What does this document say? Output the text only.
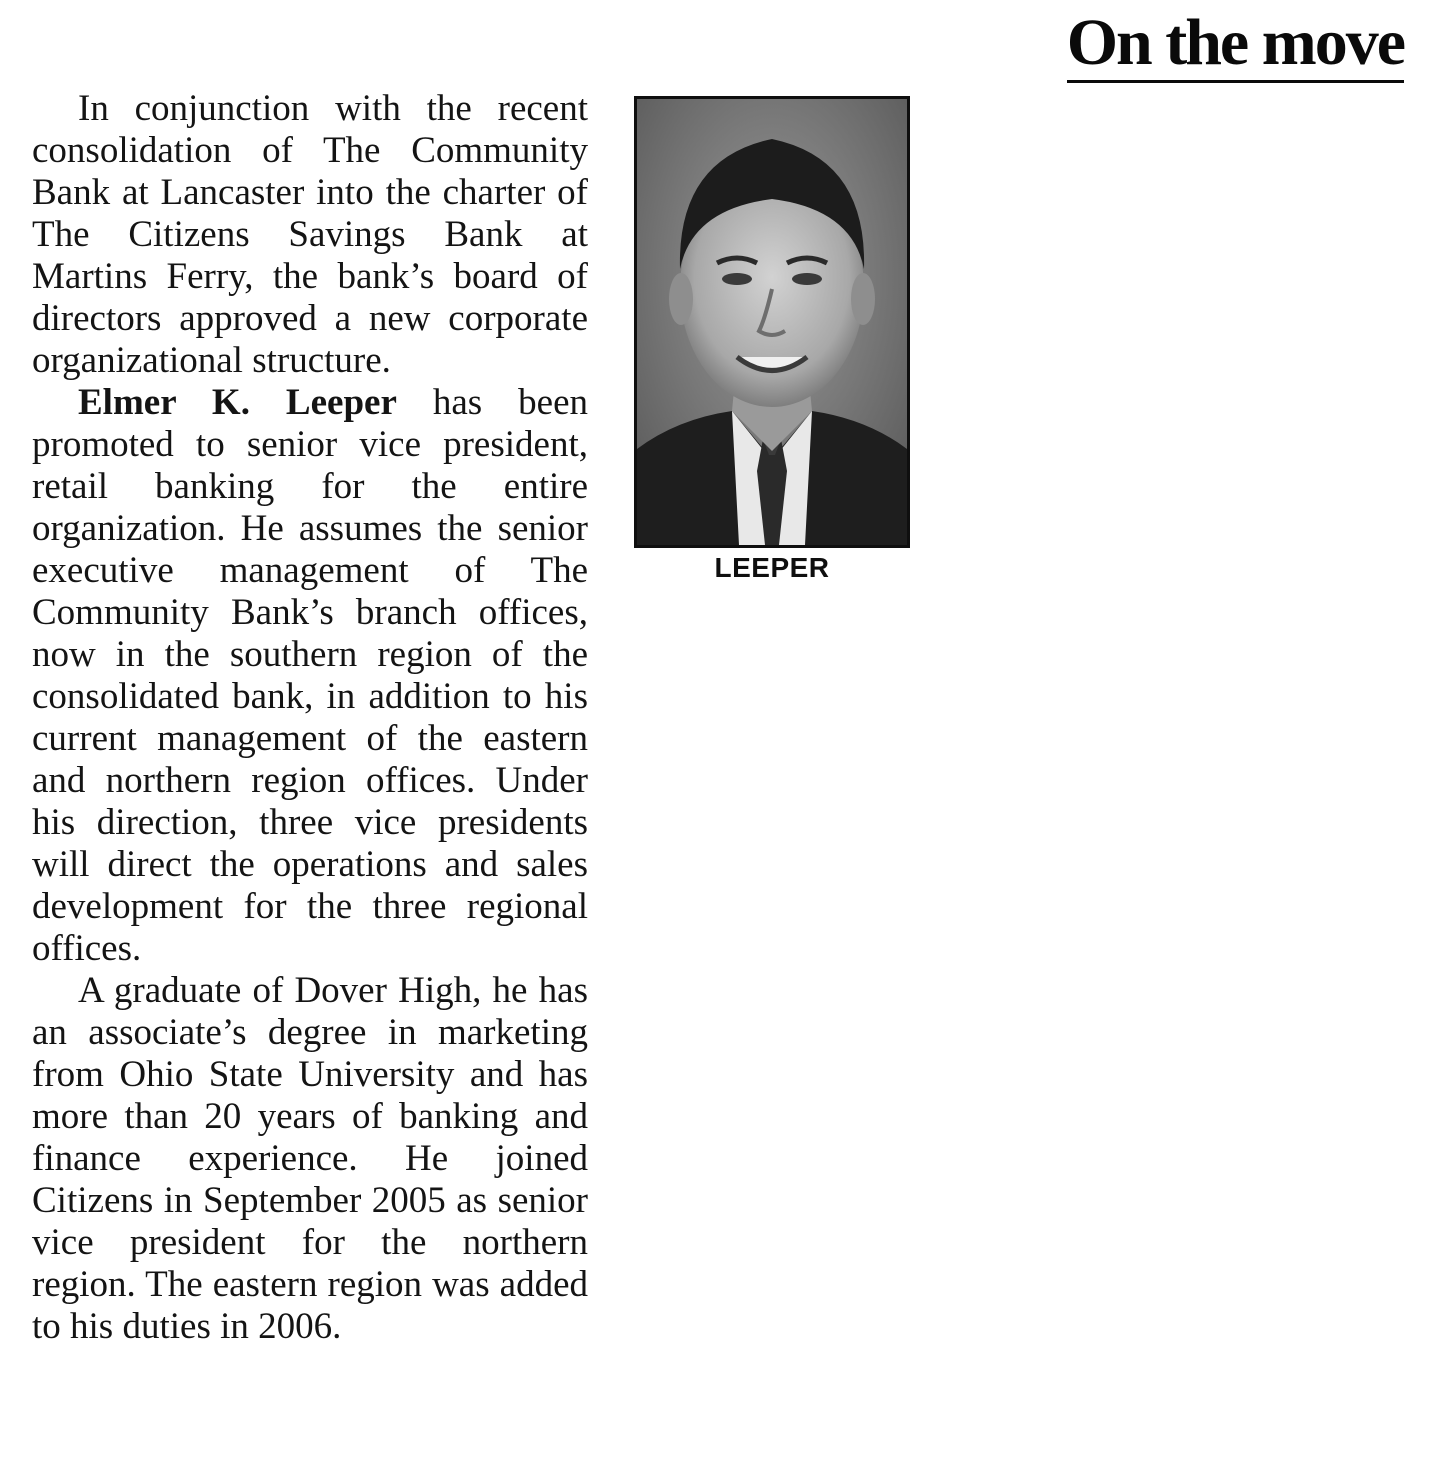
On the move

In conjunction with the recent consolidation of The Community Bank at Lancaster into the charter of The Citizens Savings Bank at Martins Ferry, the bank’s board of directors approved a new corporate organizational structure.

Elmer K. Leeper has been promoted to senior vice president, retail banking for the entire organization. He assumes the senior executive management of The Community Bank’s branch offices, now in the southern region of the consolidated bank, in addition to his current management of the eastern and northern region offices. Under his direction, three vice presidents will direct the operations and sales development for the three regional offices.

A graduate of Dover High, he has an associate’s degree in marketing from Ohio State University and has more than 20 years of banking and finance experience. He joined Citizens in September 2005 as senior vice president for the northern region. The eastern region was added to his duties in 2006.

LEEPER
